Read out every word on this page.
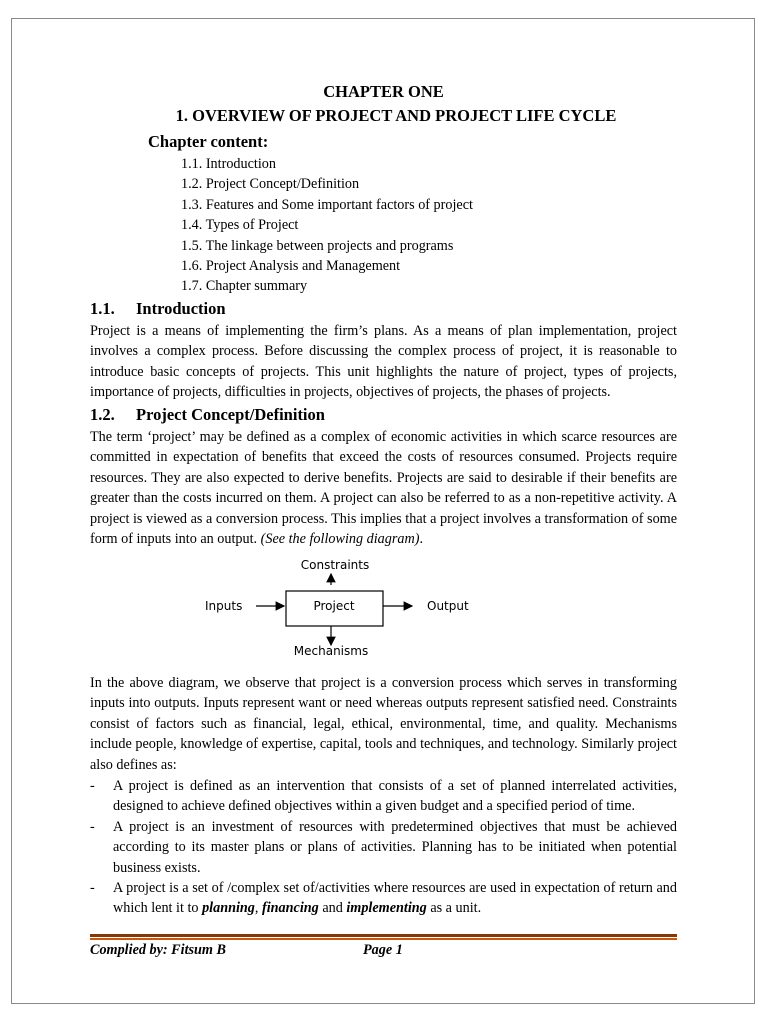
CHAPTER ONE
1. OVERVIEW OF PROJECT AND PROJECT LIFE CYCLE
Chapter content:
1.1. Introduction
1.2. Project Concept/Definition
1.3. Features and Some important factors of project
1.4. Types of Project
1.5. The linkage between projects and programs
1.6. Project Analysis and Management
1.7. Chapter summary
1.1. Introduction

Project is a means of implementing the firm’s plans. As a means of plan implementation, project involves a complex process. Before discussing the complex process of project, it is reasonable to introduce basic concepts of projects. This unit highlights the nature of project, types of projects, importance of projects, difficulties in projects, objectives of projects, the phases of projects.

1.2. Project Concept/Definition

The term ‘project’ may be defined as a complex of economic activities in which scarce resources are committed in expectation of benefits that exceed the costs of resources consumed. Projects require resources. They are also expected to derive benefits. Projects are said to desirable if their benefits are greater than the costs incurred on them. A project can also be referred to as a non-repetitive activity. A project is viewed as a conversion process. This implies that a project involves a transformation of some form of inputs into an output. (See the following diagram).

Constraints
Inputs	Project	Output
Mechanisms

In the above diagram, we observe that project is a conversion process which serves in transforming inputs into outputs. Inputs represent want or need whereas outputs represent satisfied need. Constraints consist of factors such as financial, legal, ethical, environmental, time, and quality. Mechanisms include people, knowledge of expertise, capital, tools and techniques, and technology. Similarly project also defines as:

- A project is defined as an intervention that consists of a set of planned interrelated activities, designed to achieve defined objectives within a given budget and a specified period of time.
- A project is an investment of resources with predetermined objectives that must be achieved according to its master plans or plans of activities. Planning has to be initiated when potential business exists.
- A project is a set of /complex set of/activities where resources are used in expectation of return and which lent it to planning, financing and implementing as a unit.
Complied by: Fitsum B	Page 1
